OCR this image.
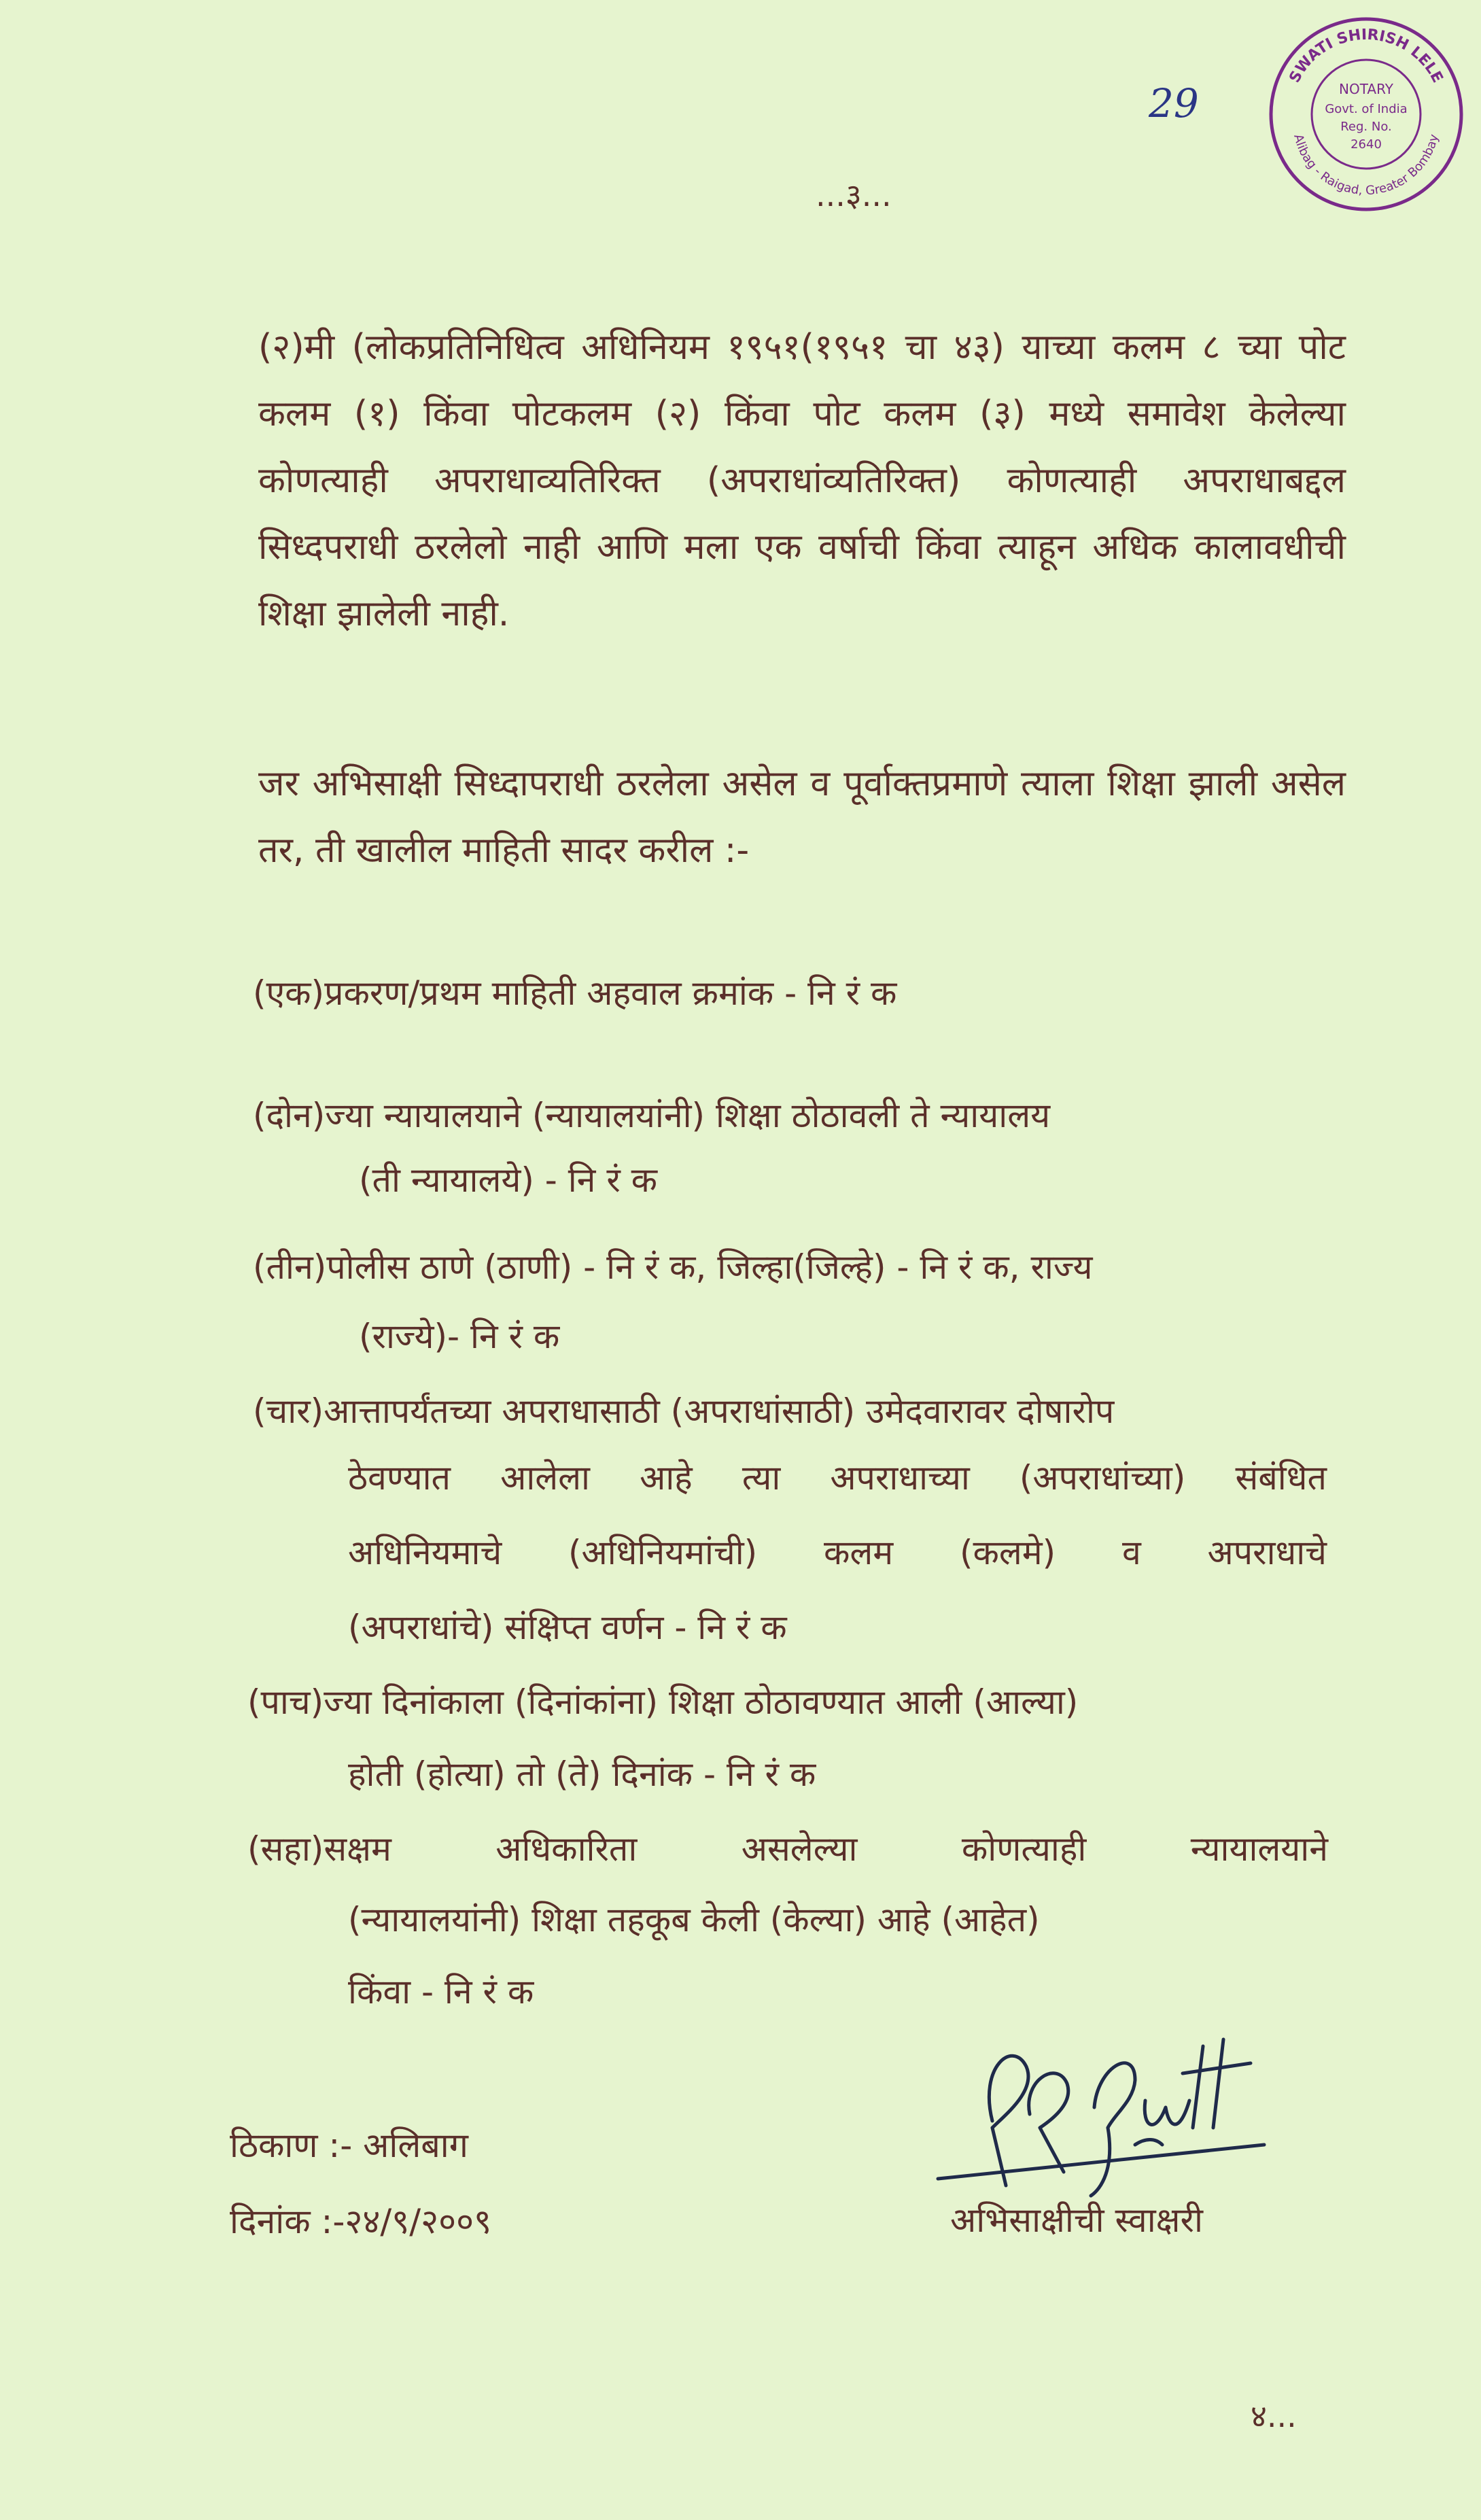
29
SWATI SHIRISH LELE
Alibag - Raigad, Greater Bombay
NOTARY
Govt. of India
Reg. No.
2640
...३...
(२)मी (लोकप्रतिनिधित्व अधिनियम १९५१(१९५१ चा ४३) याच्या कलम ८ च्या पोट कलम (१) किंवा पोटकलम (२) किंवा पोट कलम (३) मध्ये समावेश केलेल्या कोणत्याही अपराधाव्यतिरिक्त (अपराधांव्यतिरिक्त) कोणत्याही अपराधाबद्दल सिध्दपराधी ठरलेलो नाही आणि मला एक वर्षाची किंवा त्याहून अधिक कालावधीची शिक्षा झालेली नाही.
जर अभिसाक्षी सिध्दापराधी ठरलेला असेल व पूर्वाक्तप्रमाणे त्याला शिक्षा झाली असेल तर, ती खालील माहिती सादर करील :-
(एक)प्रकरण/प्रथम माहिती अहवाल क्रमांक - नि रं क
(दोन)ज्या न्यायालयाने (न्यायालयांनी) शिक्षा ठोठावली ते न्यायालय
(ती न्यायालये) - नि रं क
(तीन)पोलीस ठाणे (ठाणी) - नि रं क, जिल्हा(जिल्हे) - नि रं क, राज्य
(राज्ये)- नि रं क
(चार)आत्तापर्यंतच्या अपराधासाठी (अपराधांसाठी) उमेदवारावर दोषारोप
ठेवण्यात आलेला आहे त्या अपराधाच्या (अपराधांच्या) संबंधित
अधिनियमाचे (अधिनियमांची) कलम (कलमे) व अपराधाचे
(अपराधांचे) संक्षिप्त वर्णन - नि रं क
(पाच)ज्या दिनांकाला (दिनांकांना) शिक्षा ठोठावण्यात आली (आल्या)
होती (होत्या) तो (ते) दिनांक - नि रं क
(सहा) सक्षम अधिकारिता असलेल्या कोणत्याही न्यायालयाने
(न्यायालयांनी) शिक्षा तहकूब केली (केल्या) आहे (आहेत)
किंवा - नि रं क
ठिकाण :- अलिबाग
दिनांक :-२४/९/२००९	अभिसाक्षीची स्वाक्षरी
४...
